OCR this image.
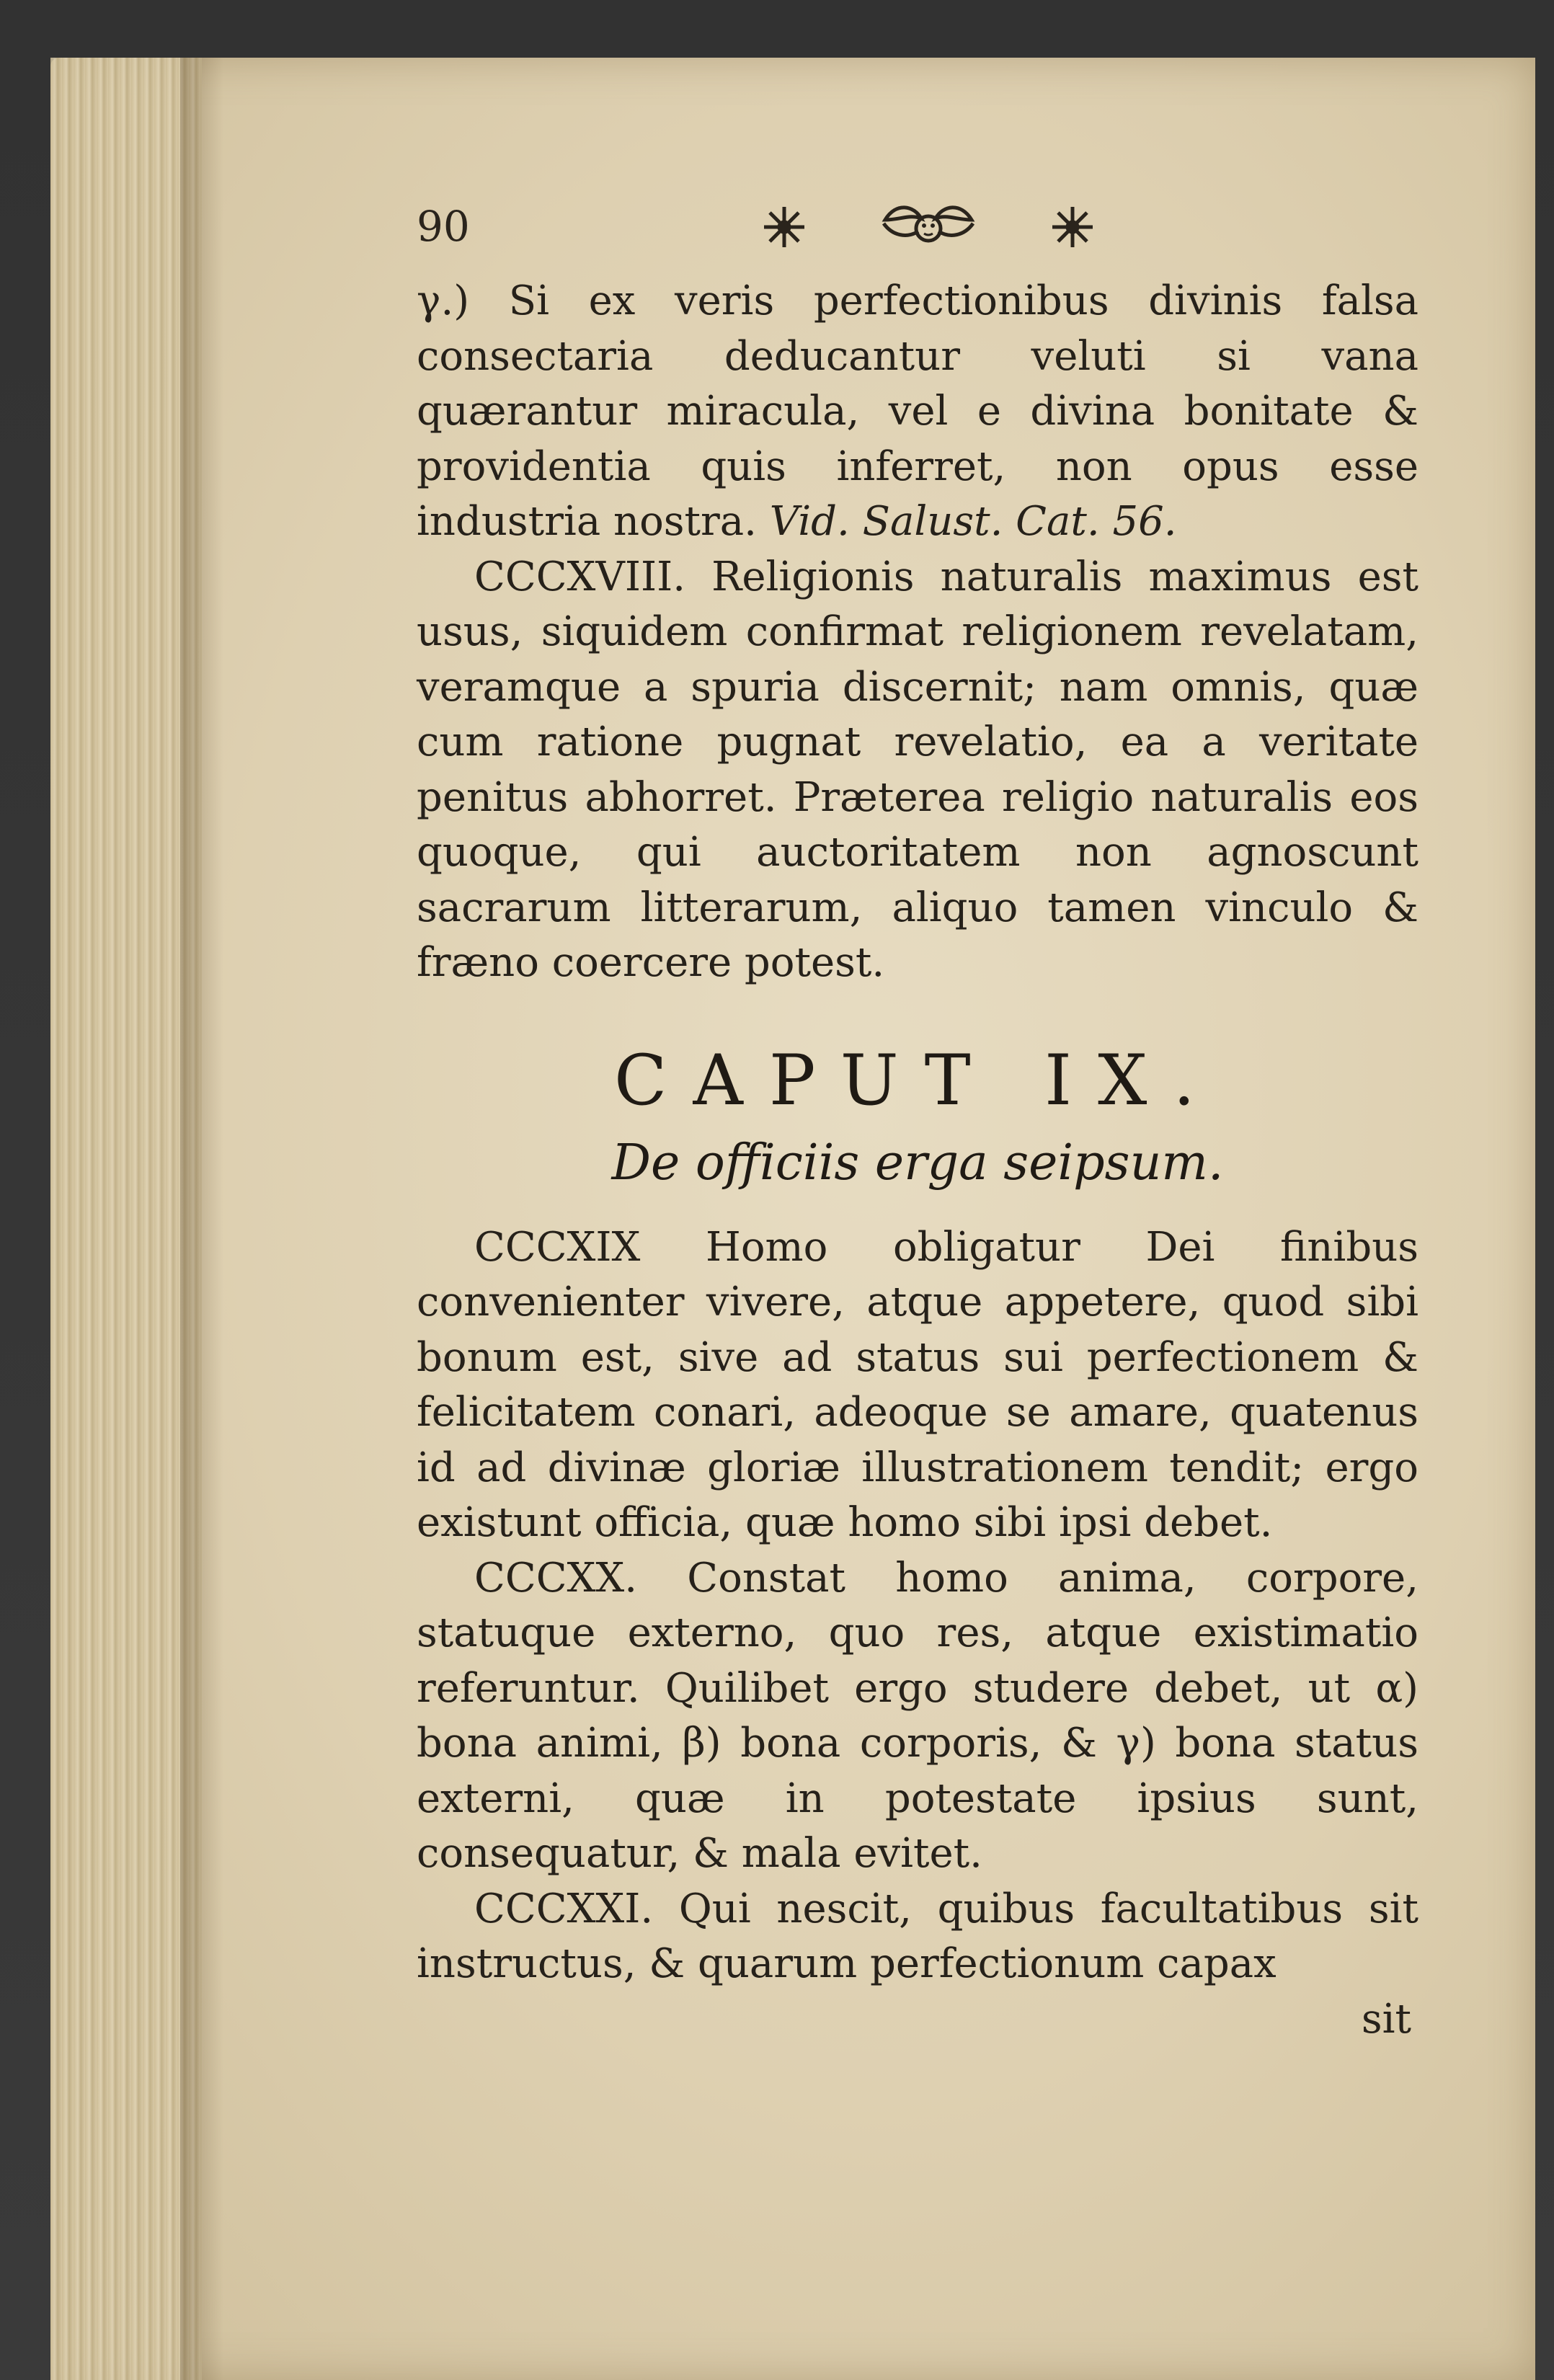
90

γ.) Si ex veris perfectionibus divinis falsa consectaria deducantur veluti si vana quærantur miracula, vel e divina bonitate & providentia quis inferret, non opus esse industria nostra. Vid. Salust. Cat. 56.

CCCXVIII. Religionis naturalis maximus est usus, siquidem confirmat religionem revelatam, veramque a spuria discernit; nam omnis, quæ cum ratione pugnat revelatio, ea a veritate penitus abhorret. Præterea religio naturalis eos quoque, qui auctoritatem non agnoscunt sacrarum litterarum, aliquo tamen vinculo & fræno coercere potest.

CAPUT IX.
De officiis erga seipsum.

CCCXIX Homo obligatur Dei finibus convenienter vivere, atque appetere, quod sibi bonum est, sive ad status sui perfectionem & felicitatem conari, adeoque se amare, quatenus id ad divinæ gloriæ illustrationem tendit; ergo existunt officia, quæ homo sibi ipsi debet.

CCCXX. Constat homo anima, corpore, statuque externo, quo res, atque existimatio referuntur. Quilibet ergo studere debet, ut α) bona animi, β) bona corporis, & γ) bona status externi, quæ in potestate ipsius sunt, consequatur, & mala evitet.

CCCXXI. Qui nescit, quibus facultatibus sit instructus, & quarum perfectionum capax

sit
